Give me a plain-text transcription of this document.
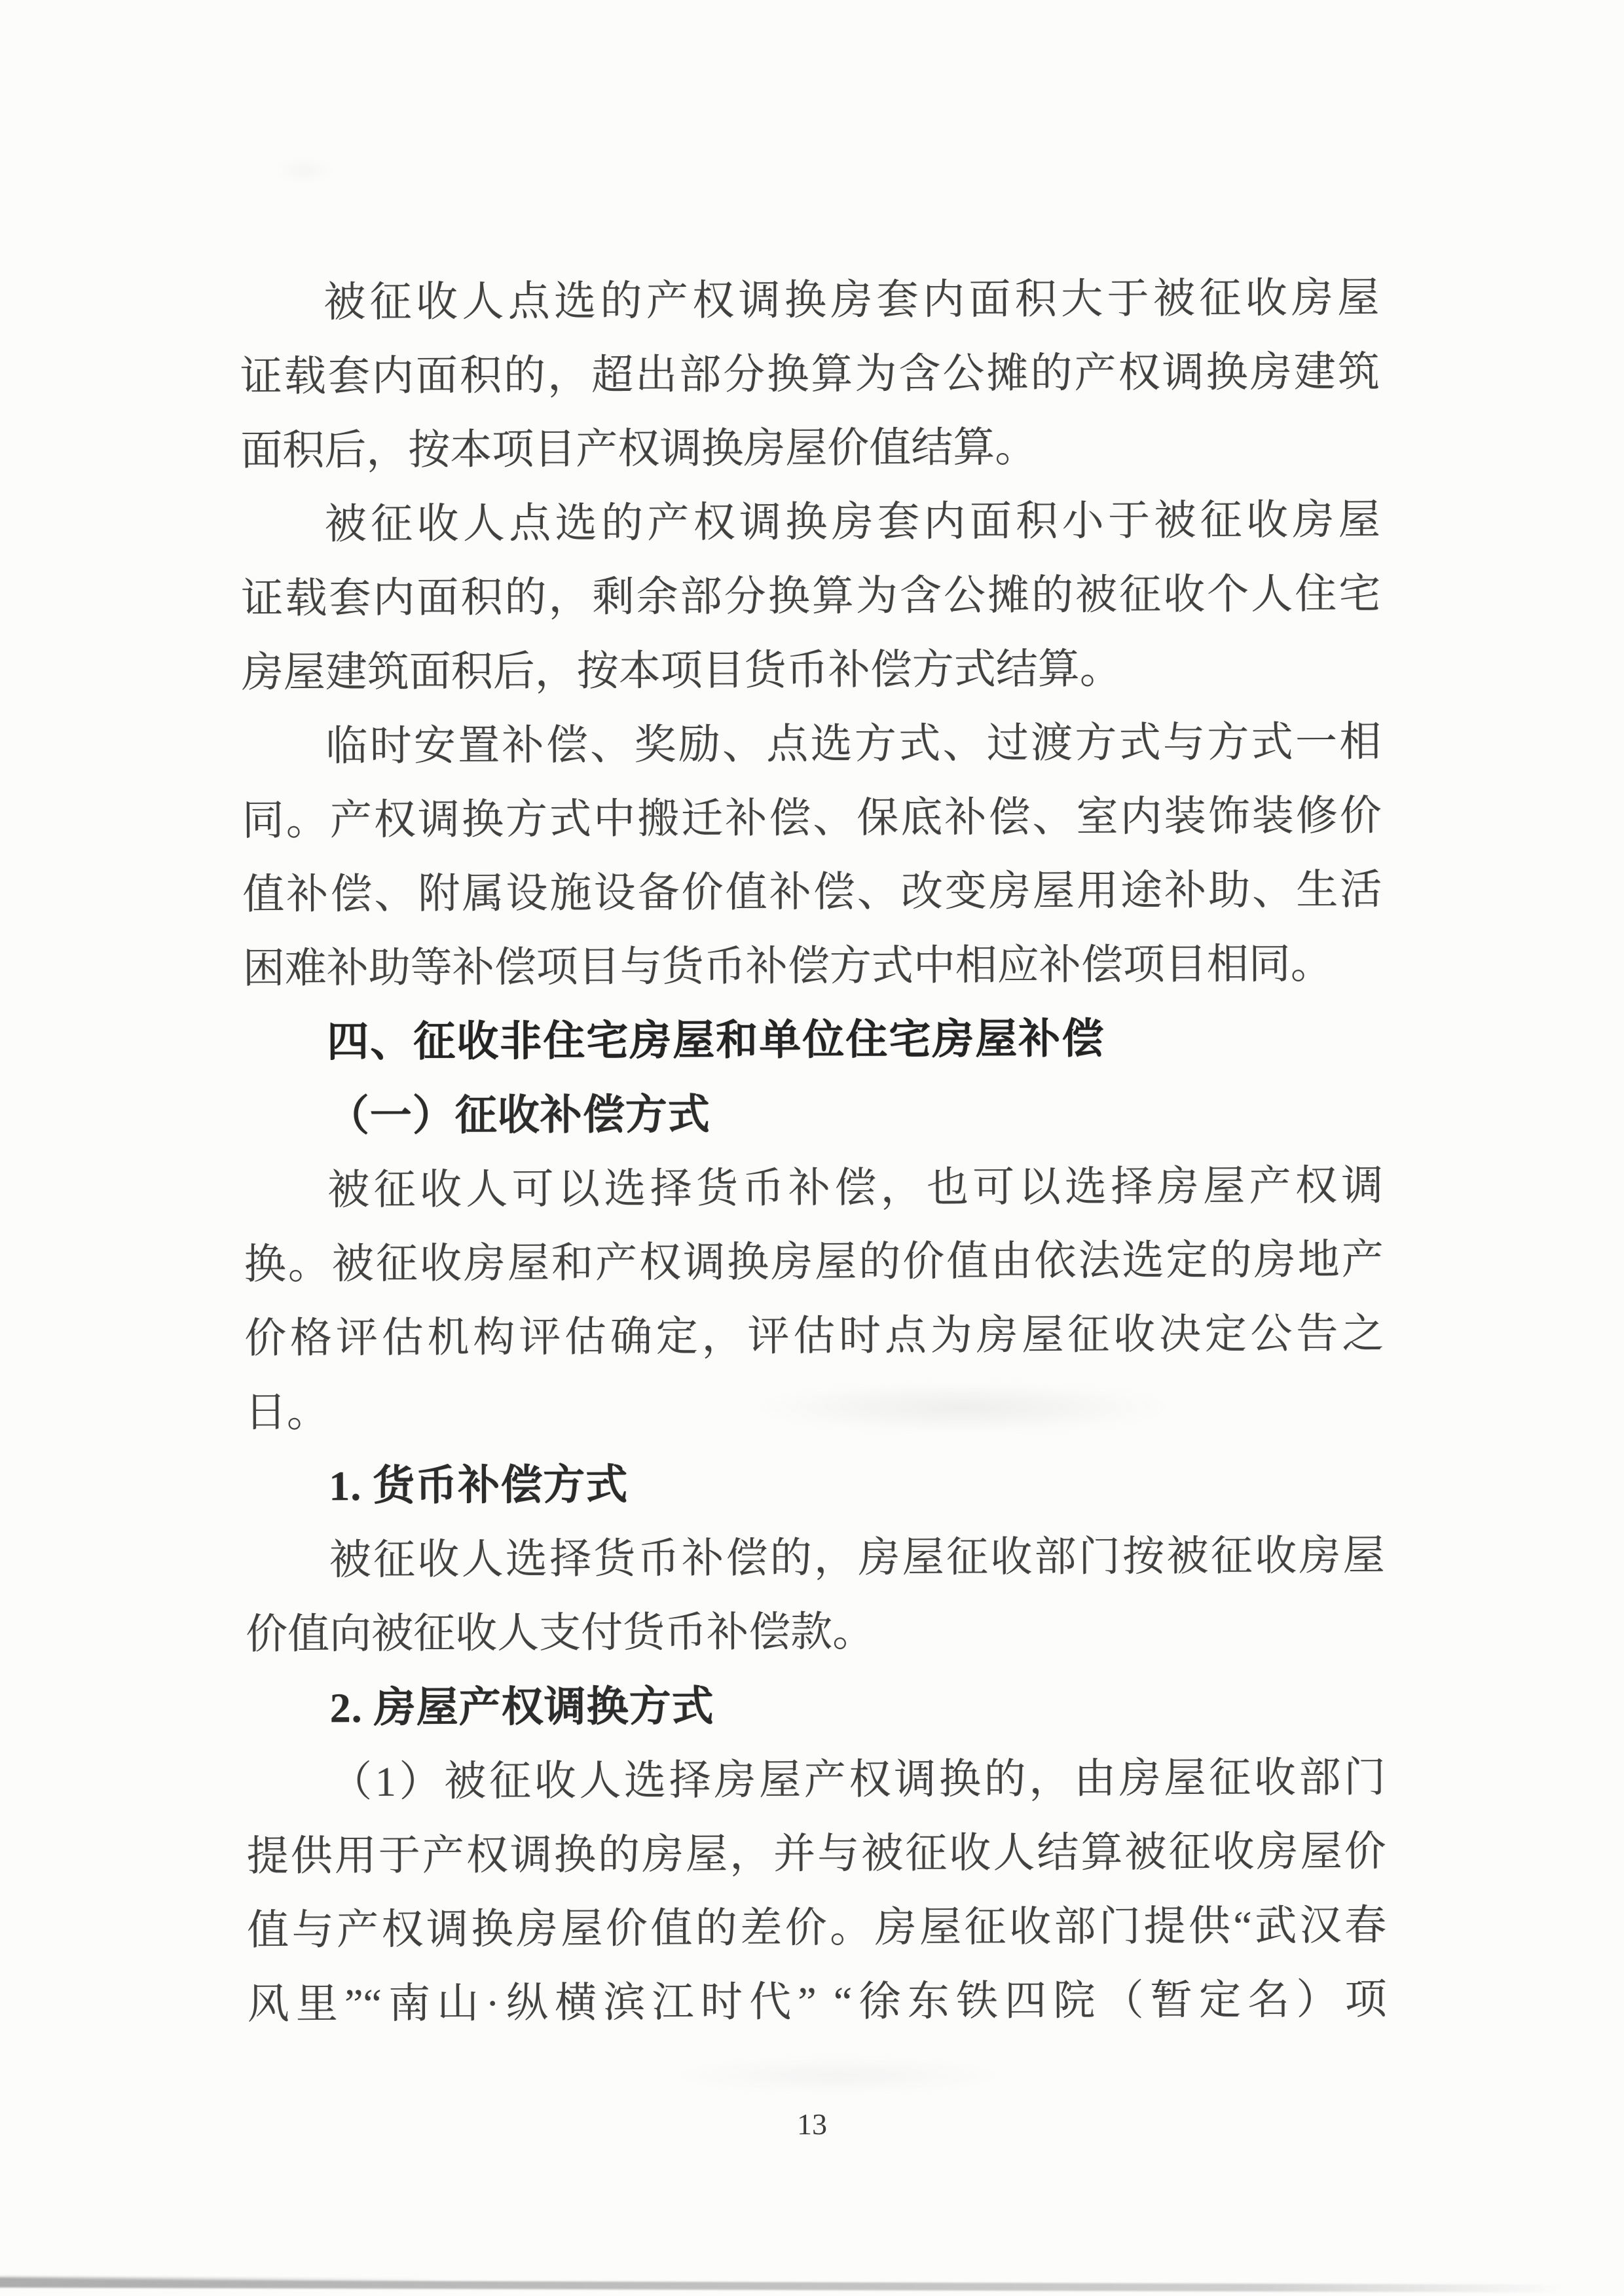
被征收人点选的产权调换房套内面积大于被征收房屋
证载套内面积的，超出部分换算为含公摊的产权调换房建筑
面积后，按本项目产权调换房屋价值结算。
被征收人点选的产权调换房套内面积小于被征收房屋
证载套内面积的，剩余部分换算为含公摊的被征收个人住宅
房屋建筑面积后，按本项目货币补偿方式结算。
临时安置补偿、奖励、点选方式、过渡方式与方式一相
同。产权调换方式中搬迁补偿、保底补偿、室内装饰装修价
值补偿、附属设施设备价值补偿、改变房屋用途补助、生活
困难补助等补偿项目与货币补偿方式中相应补偿项目相同。
四、征收非住宅房屋和单位住宅房屋补偿
（一）征收补偿方式
被征收人可以选择货币补偿，也可以选择房屋产权调
换。被征收房屋和产权调换房屋的价值由依法选定的房地产
价格评估机构评估确定，评估时点为房屋征收决定公告之
日。
1. 货币补偿方式
被征收人选择货币补偿的，房屋征收部门按被征收房屋
价值向被征收人支付货币补偿款。
2. 房屋产权调换方式
（1）被征收人选择房屋产权调换的，由房屋征收部门
提供用于产权调换的房屋，并与被征收人结算被征收房屋价
值与产权调换房屋价值的差价。房屋征收部门提供“武汉春
风里”“南山·纵横滨江时代” “徐东铁四院（暂定名）项
13
